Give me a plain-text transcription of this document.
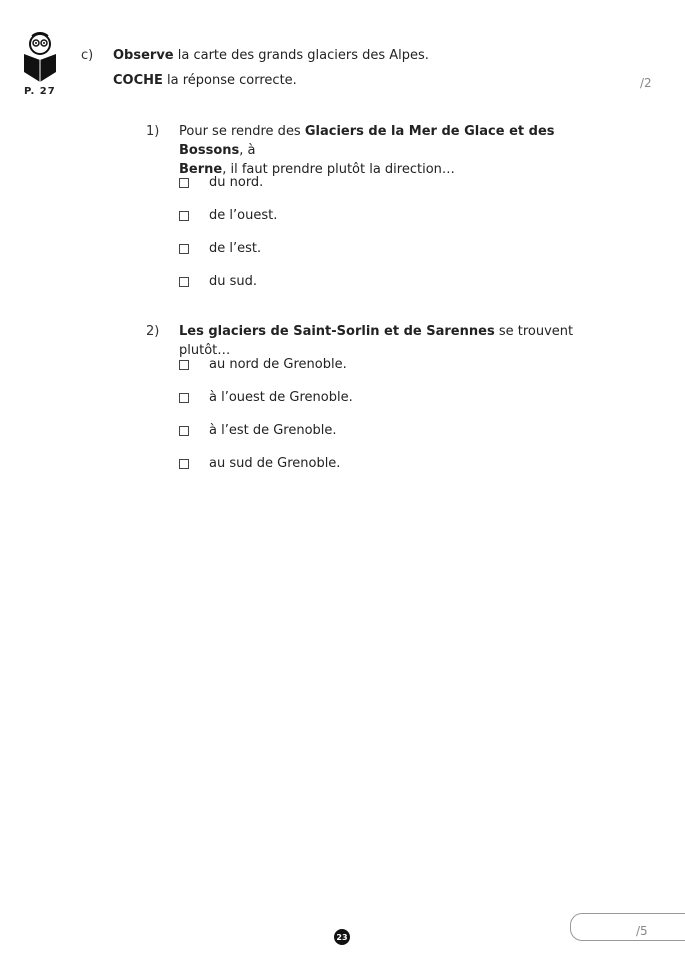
P. 27
c) Observe la carte des grands glaciers des Alpes.
COCHE la réponse correcte.	/2
1) Pour se rendre des Glaciers de la Mer de Glace et des Bossons, à
Berne, il faut prendre plutôt la direction…
du nord.
de l’ouest.
de l’est.
du sud.
2) Les glaciers de Saint-Sorlin et de Sarennes se trouvent plutôt…
au nord de Grenoble.
à l’ouest de Grenoble.
à l’est de Grenoble.
au sud de Grenoble.
23	/5
